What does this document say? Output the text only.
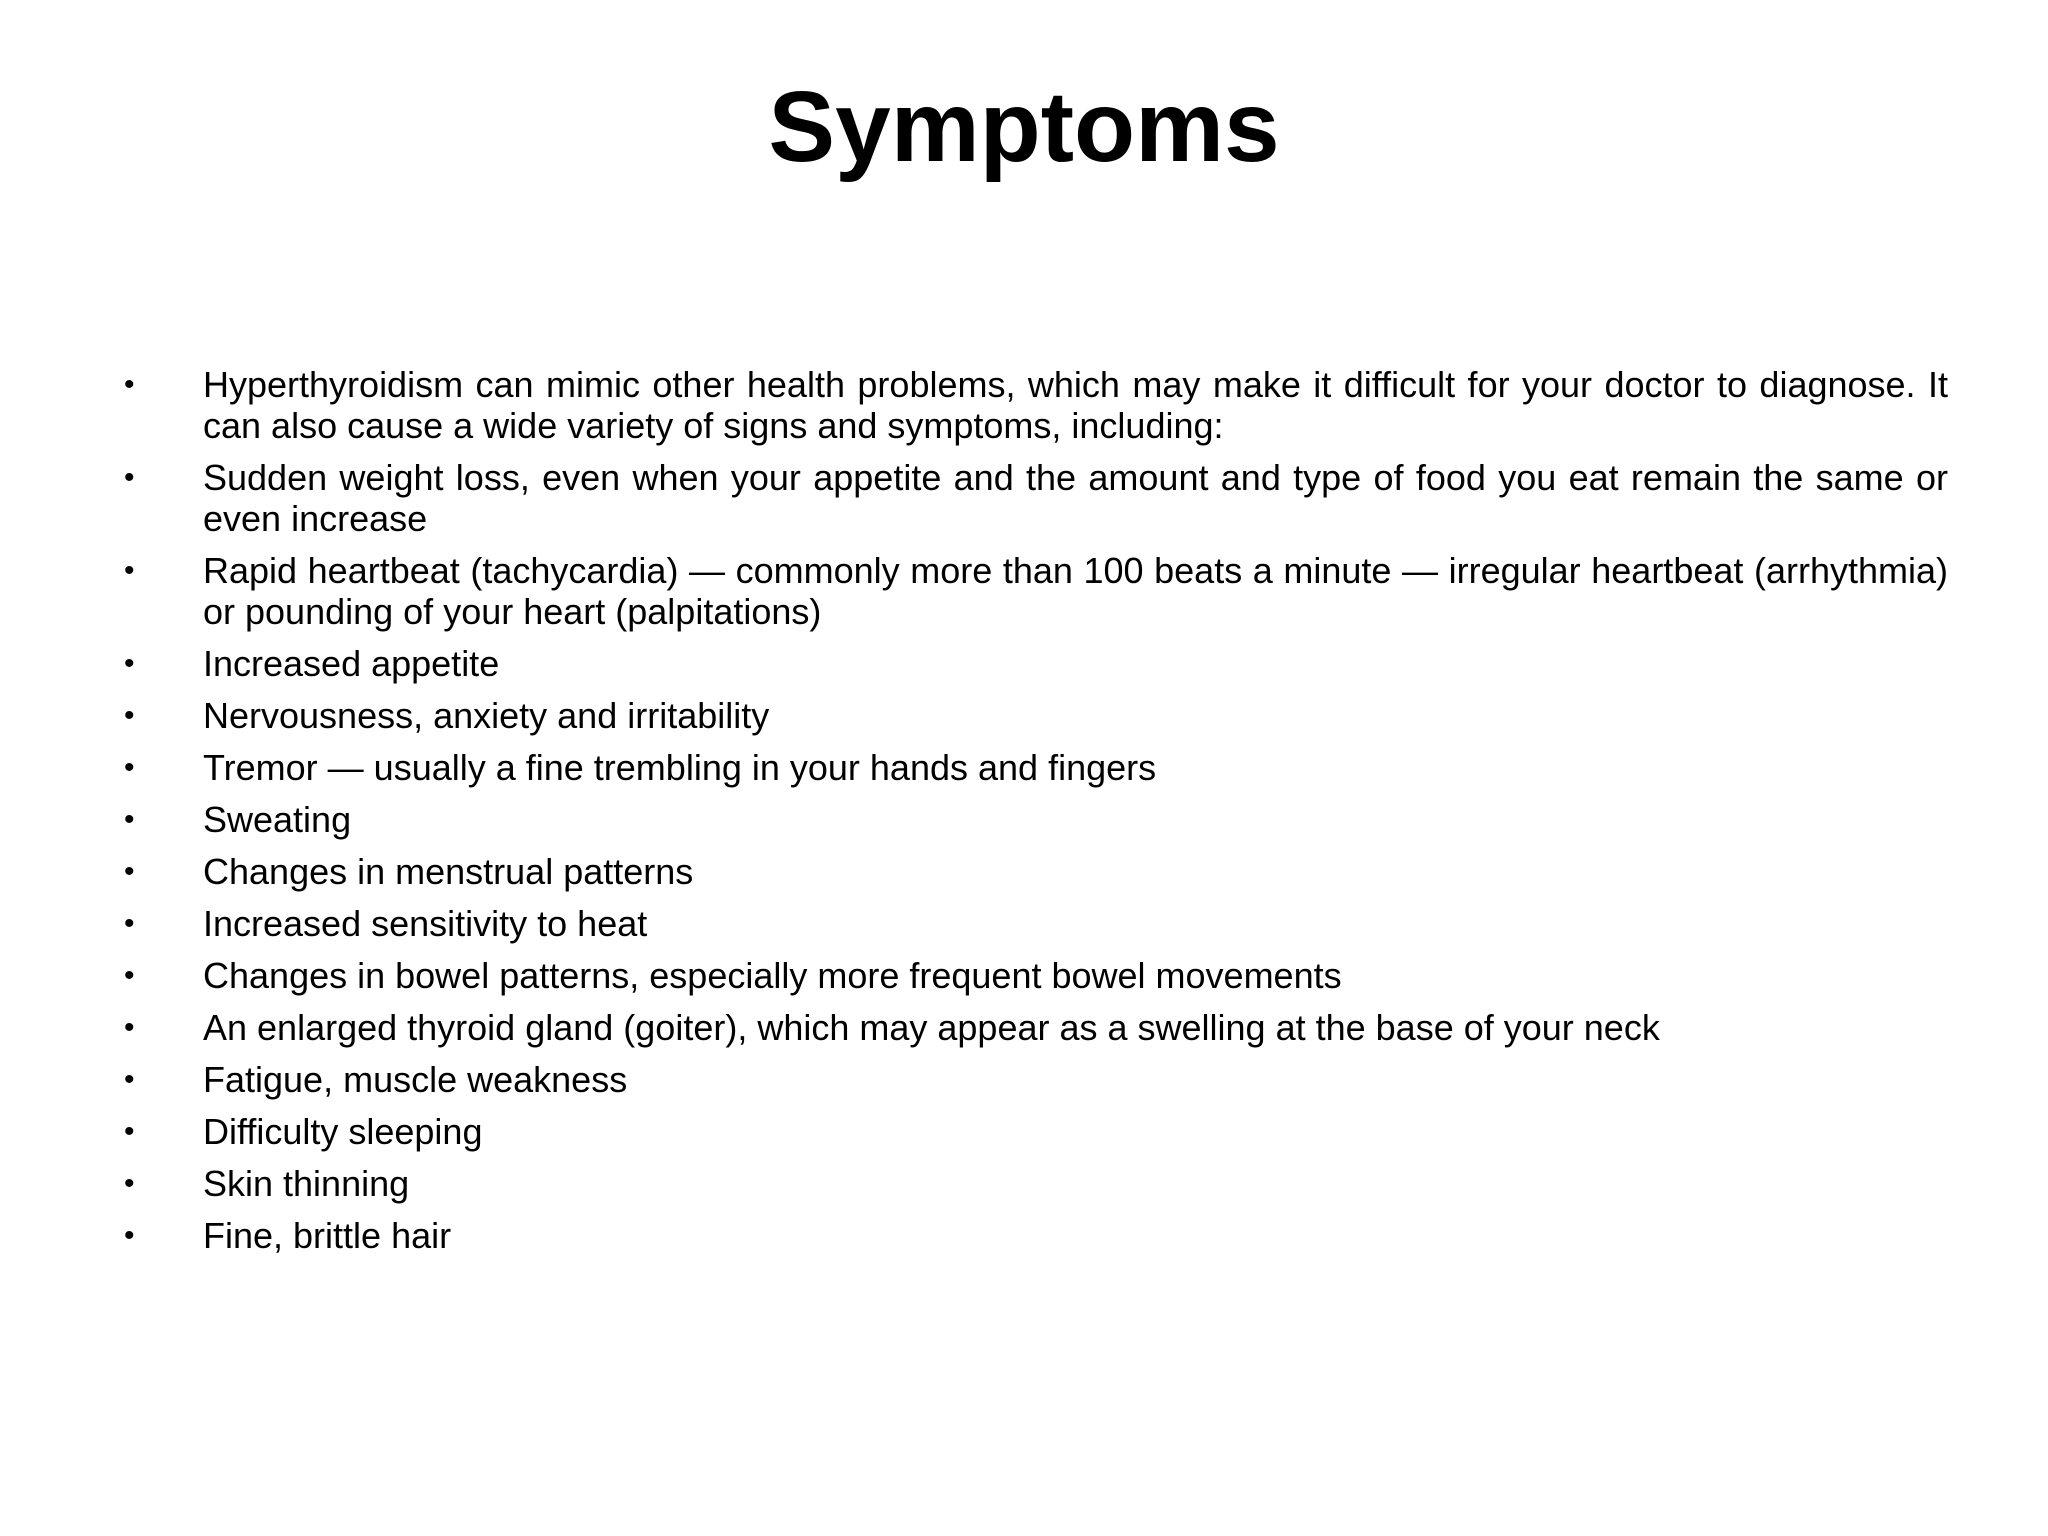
Symptoms
• Hyperthyroidism can mimic other health problems, which may make it difficult for your doctor to diagnose. It can also cause a wide variety of signs and symptoms, including:
• Sudden weight loss, even when your appetite and the amount and type of food you eat remain the same or even increase
• Rapid heartbeat (tachycardia) — commonly more than 100 beats a minute — irregular heartbeat (arrhythmia) or pounding of your heart (palpitations)
• Increased appetite
• Nervousness, anxiety and irritability
• Tremor — usually a fine trembling in your hands and fingers
• Sweating
• Changes in menstrual patterns
• Increased sensitivity to heat
• Changes in bowel patterns, especially more frequent bowel movements
• An enlarged thyroid gland (goiter), which may appear as a swelling at the base of your neck
• Fatigue, muscle weakness
• Difficulty sleeping
• Skin thinning
• Fine, brittle hair
